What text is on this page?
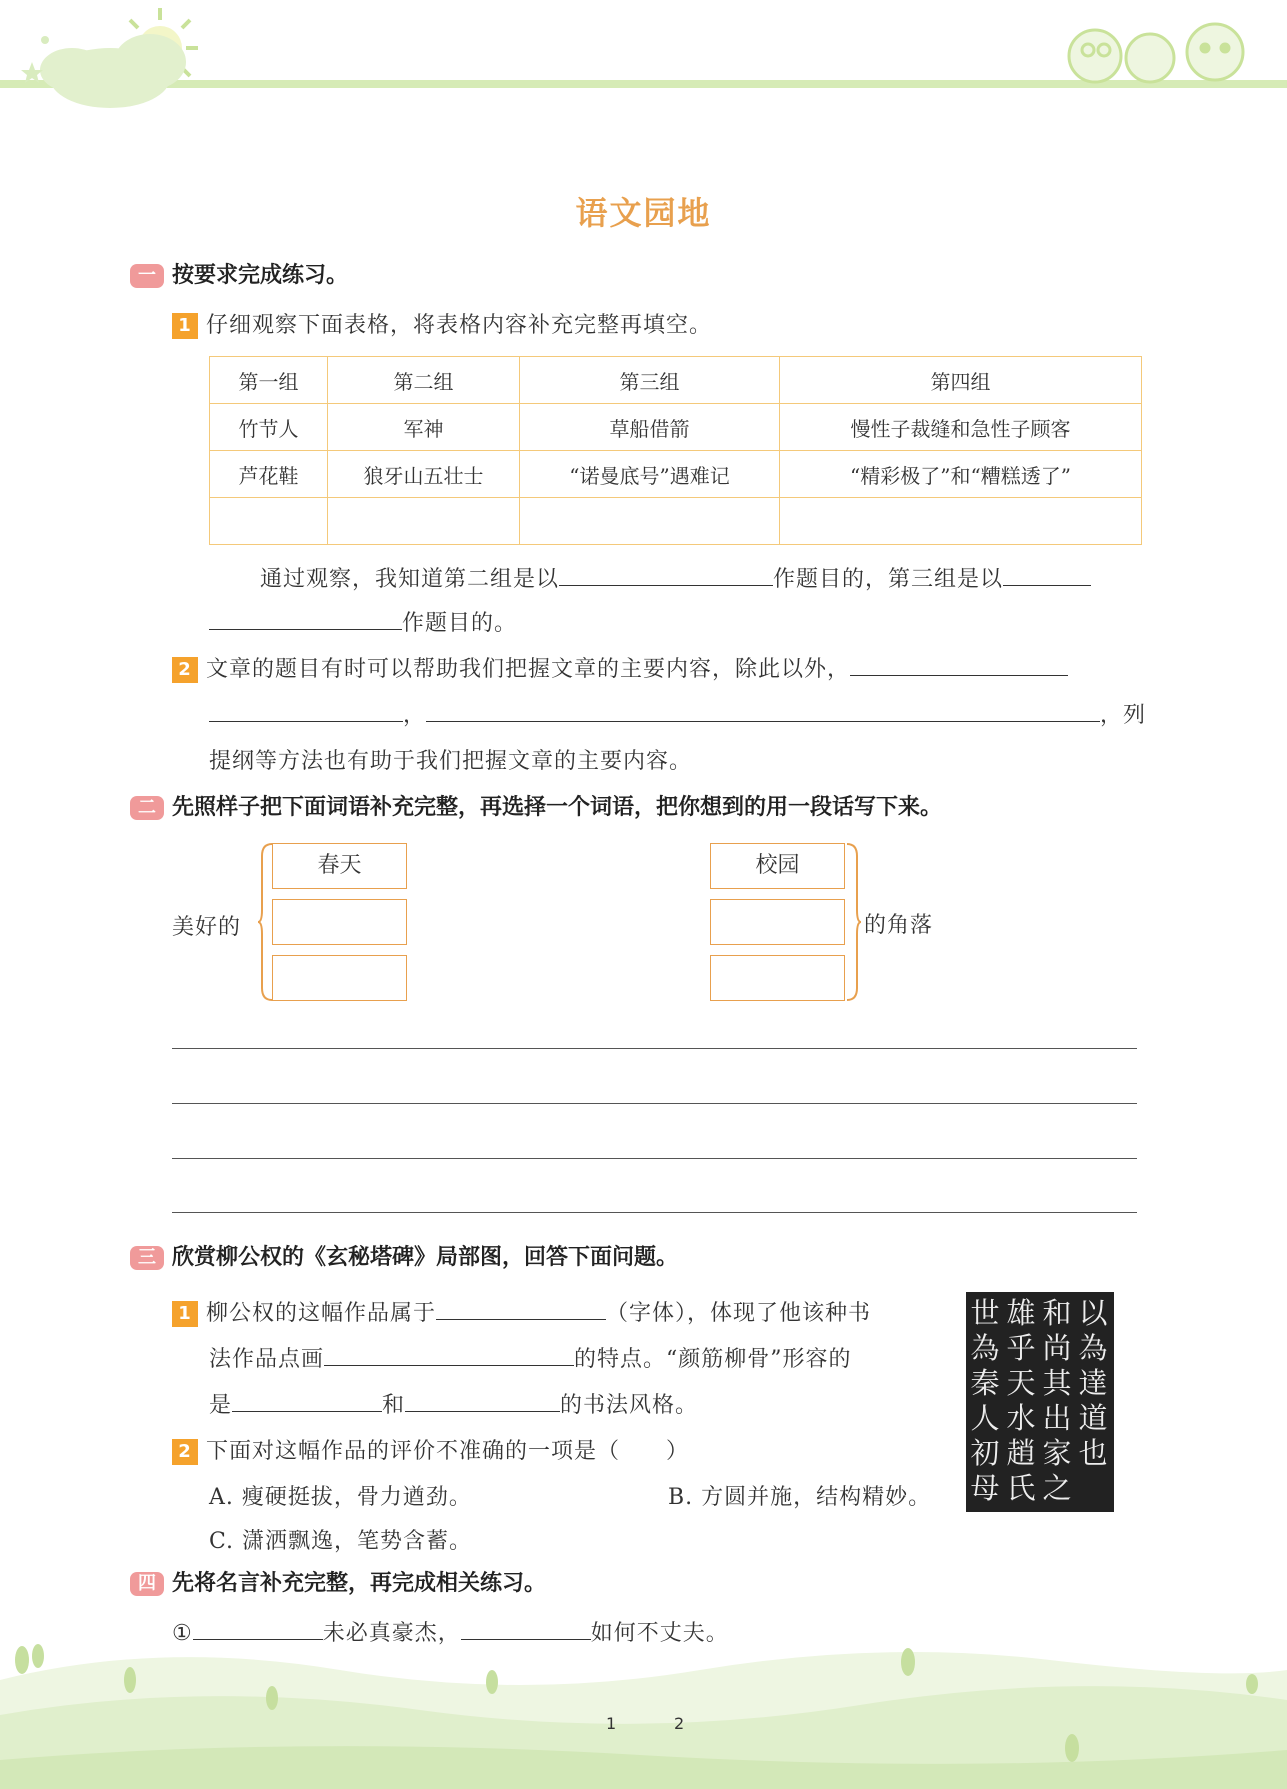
语文园地
一 按要求完成练习。
1 仔细观察下面表格，将表格内容补充完整再填空。
第一组	第二组	第三组	第四组
竹节人	军神	草船借箭	慢性子裁缝和急性子顾客
芦花鞋	狼牙山五壮士	“诺曼底号”遇难记	“精彩极了”和“糟糕透了”

通过观察，我知道第二组是以	作题目的，第三组是以
作题目的。
2 文章的题目有时可以帮助我们把握文章的主要内容，除此以外，
，	，列
提纲等方法也有助于我们把握文章的主要内容。
二 先照样子把下面词语补充完整，再选择一个词语，把你想到的用一段话写下来。
美好的
春天	校园
的角落
三 欣赏柳公权的《玄秘塔碑》局部图，回答下面问题。
1 柳公权的这幅作品属于	（字体），体现了他该种书
法作品点画	的特点。“颜筋柳骨”形容的
是	和	的书法风格。
2 下面对这幅作品的评价不准确的一项是（　　）
A. 瘦硬挺拔，骨力遒劲。	B. 方圆并施，结构精妙。
C. 潇洒飘逸，笔势含蓄。
以
為
達
道
也
和
尚
其
出
家
之
雄
乎
天
水
趙
氏
世
為
秦
人
初
母
四 先将名言补充完整，再完成相关练习。
①	未必真豪杰，	如何不丈夫。
1	2
